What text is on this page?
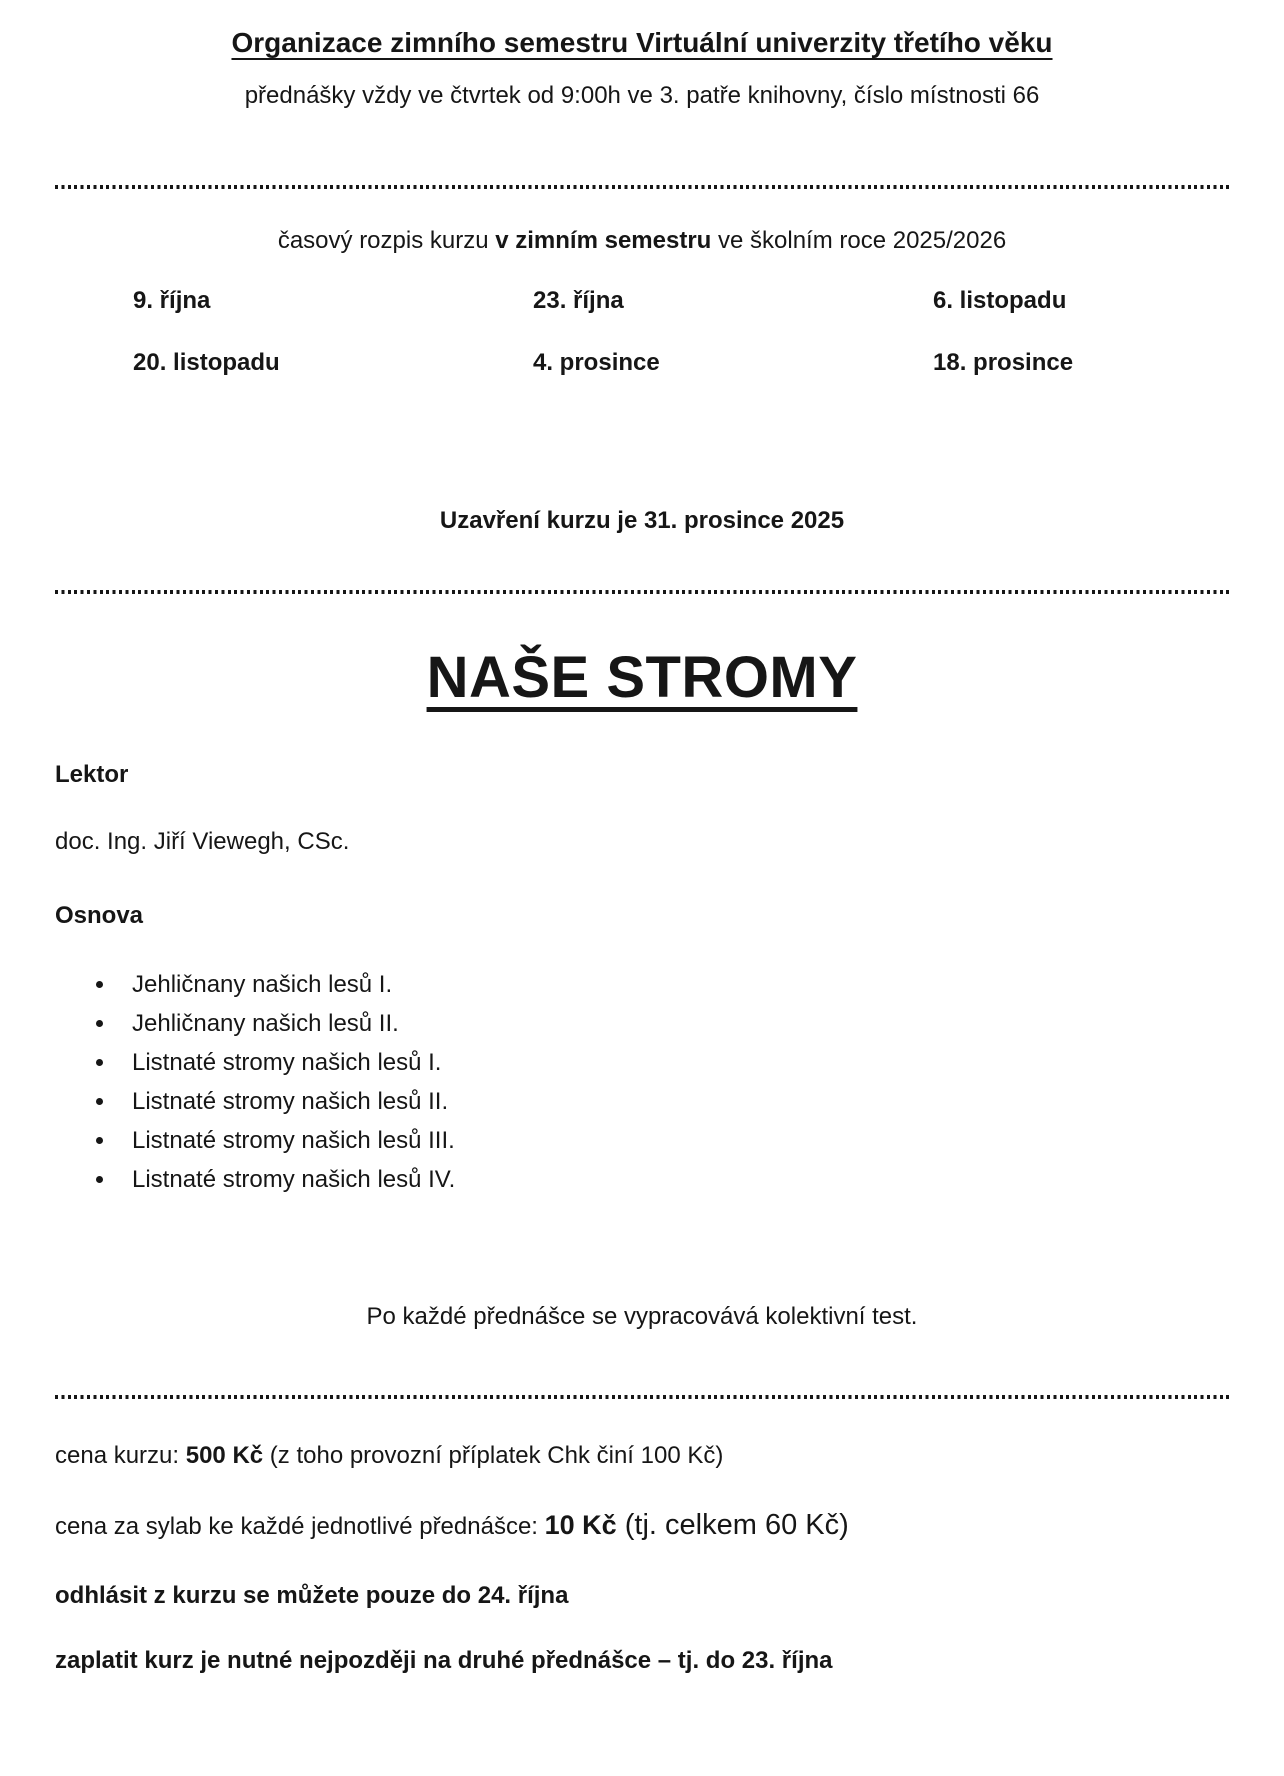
Organizace zimního semestru Virtuální univerzity třetího věku

přednášky vždy ve čtvrtek od 9:00h ve 3. patře knihovny, číslo místnosti 66

časový rozpis kurzu v zimním semestru ve školním roce 2025/2026

9. října	23. října	6. listopadu
20. listopadu	4. prosince	18. prosince

Uzavření kurzu je 31. prosince 2025

NAŠE STROMY

Lektor

doc. Ing. Jiří Viewegh, CSc.

Osnova

Jehličnany našich lesů I.
Jehličnany našich lesů II.
Listnaté stromy našich lesů I.
Listnaté stromy našich lesů II.
Listnaté stromy našich lesů III.
Listnaté stromy našich lesů IV.

Po každé přednášce se vypracovává kolektivní test.

cena kurzu: 500 Kč (z toho provozní příplatek Chk činí 100 Kč)

cena za sylab ke každé jednotlivé přednášce: 10 Kč (tj. celkem 60 Kč)

odhlásit z kurzu se můžete pouze do 24. října

zaplatit kurz je nutné nejpozději na druhé přednášce – tj. do 23. října
